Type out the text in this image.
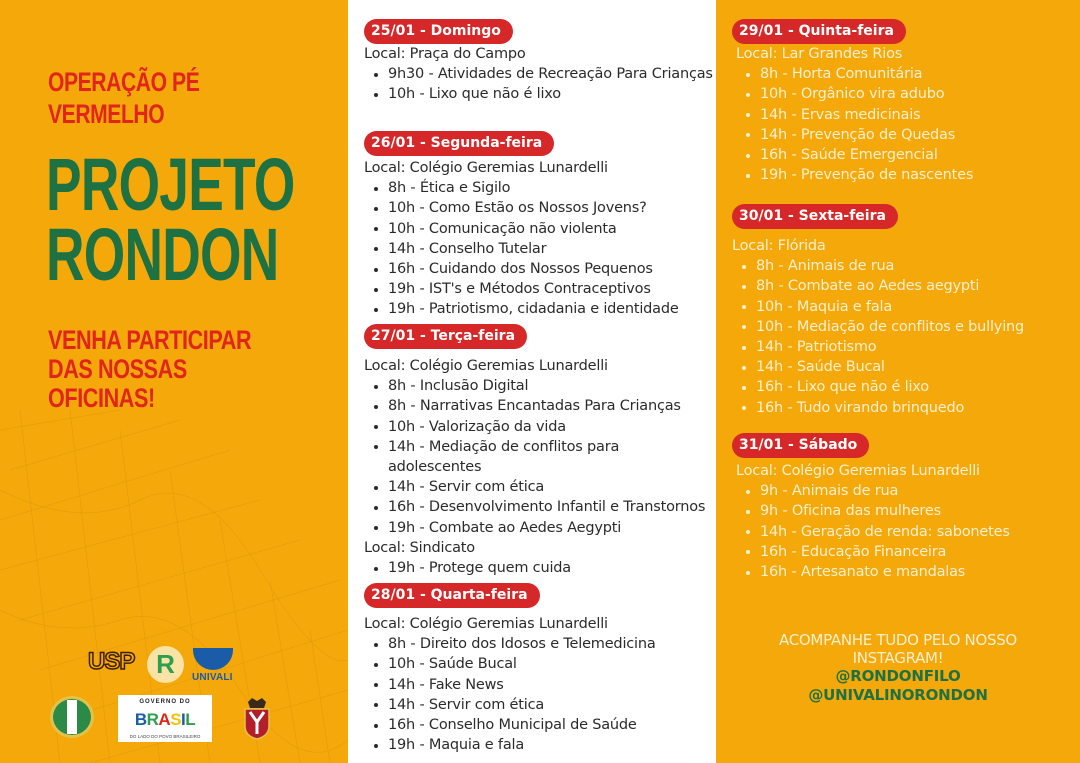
OPERAÇÃO PÉ
VERMELHO
PROJETO
RONDON
VENHA PARTICIPAR
DAS NOSSAS
OFICINAS!
USP R	UNIVALI
GOVERNO DO
BRASIL
DO LADO DO POVO BRASILEIRO
25/01 - Domingo
Local: Praça do Campo
9h30 - Atividades de Recreação Para Crianças
10h - Lixo que não é lixo
26/01 - Segunda-feira
Local: Colégio Geremias Lunardelli
8h - Ética e Sigilo
10h - Como Estão os Nossos Jovens?
10h - Comunicação não violenta
14h - Conselho Tutelar
16h - Cuidando dos Nossos Pequenos
19h - IST's e Métodos Contraceptivos
19h - Patriotismo, cidadania e identidade
27/01 - Terça-feira
Local: Colégio Geremias Lunardelli
8h - Inclusão Digital
8h - Narrativas Encantadas Para Crianças
10h - Valorização da vida
14h - Mediação de conflitos para adolescentes
14h - Servir com ética
16h - Desenvolvimento Infantil e Transtornos
19h - Combate ao Aedes Aegypti
Local: Sindicato
19h - Protege quem cuida
28/01 - Quarta-feira
Local: Colégio Geremias Lunardelli
8h - Direito dos Idosos e Telemedicina
10h - Saúde Bucal
14h - Fake News
14h - Servir com ética
16h - Conselho Municipal de Saúde
19h - Maquia e fala
29/01 - Quinta-feira
Local: Lar Grandes Rios
8h - Horta Comunitária
10h - Orgânico vira adubo
14h - Ervas medicinais
14h - Prevenção de Quedas
16h - Saúde Emergencial
19h - Prevenção de nascentes
30/01 - Sexta-feira
Local: Flórida
8h - Animais de rua
8h - Combate ao Aedes aegypti
10h - Maquia e fala
10h - Mediação de conflitos e bullying
14h - Patriotismo
14h - Saúde Bucal
16h - Lixo que não é lixo
16h - Tudo virando brinquedo
31/01 - Sábado
Local: Colégio Geremias Lunardelli
9h - Animais de rua
9h - Oficina das mulheres
14h - Geração de renda: sabonetes
16h - Educação Financeira
16h - Artesanato e mandalas
ACOMPANHE TUDO PELO NOSSO
INSTAGRAM!
@RONDONFILO
@UNIVALINORONDON
